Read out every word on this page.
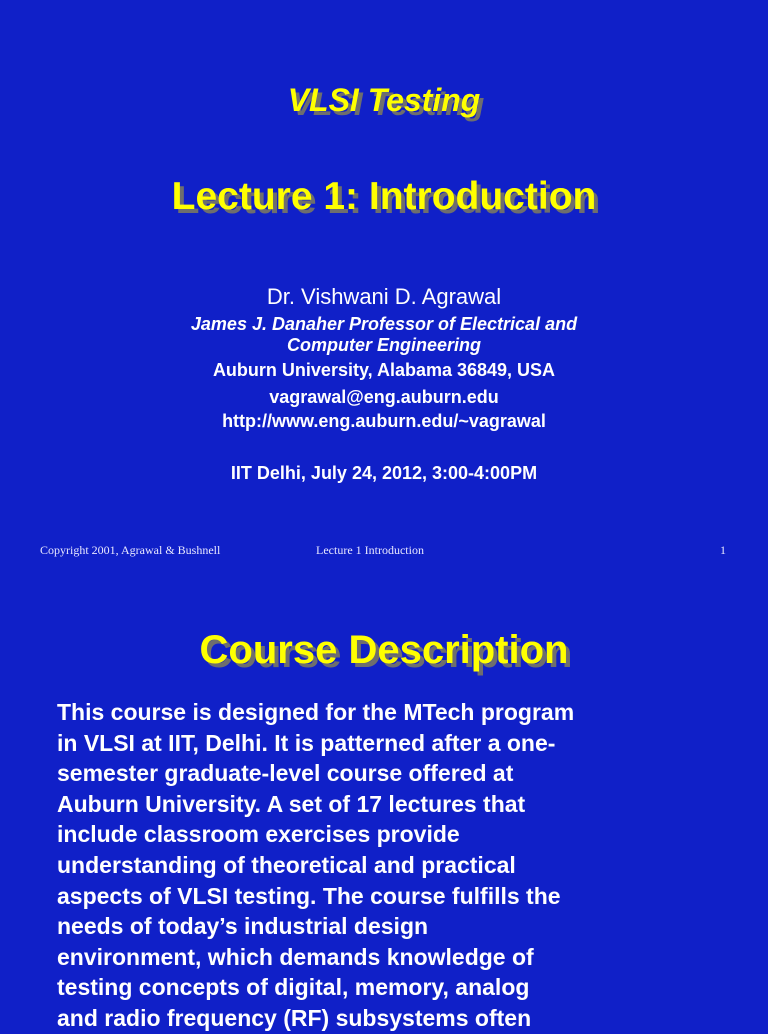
VLSI Testing
Lecture 1: Introduction

Dr. Vishwani D. Agrawal

James J. Danaher Professor of Electrical and

Computer Engineering

Auburn University, Alabama 36849, USA

vagrawal@eng.auburn.edu

http://www.eng.auburn.edu/~vagrawal

IIT Delhi, July 24, 2012, 3:00-4:00PM

Copyright 2001, Agrawal & Bushnell	Lecture 1 Introduction	1

Course Description

This course is designed for the MTech program
in VLSI at IIT, Delhi. It is patterned after a one-
semester graduate-level course offered at
Auburn University. A set of 17 lectures that
include classroom exercises provide
understanding of theoretical and practical
aspects of VLSI testing. The course fulfills the
needs of today’s industrial design
environment, which demands knowledge of
testing concepts of digital, memory, analog
and radio frequency (RF) subsystems often
